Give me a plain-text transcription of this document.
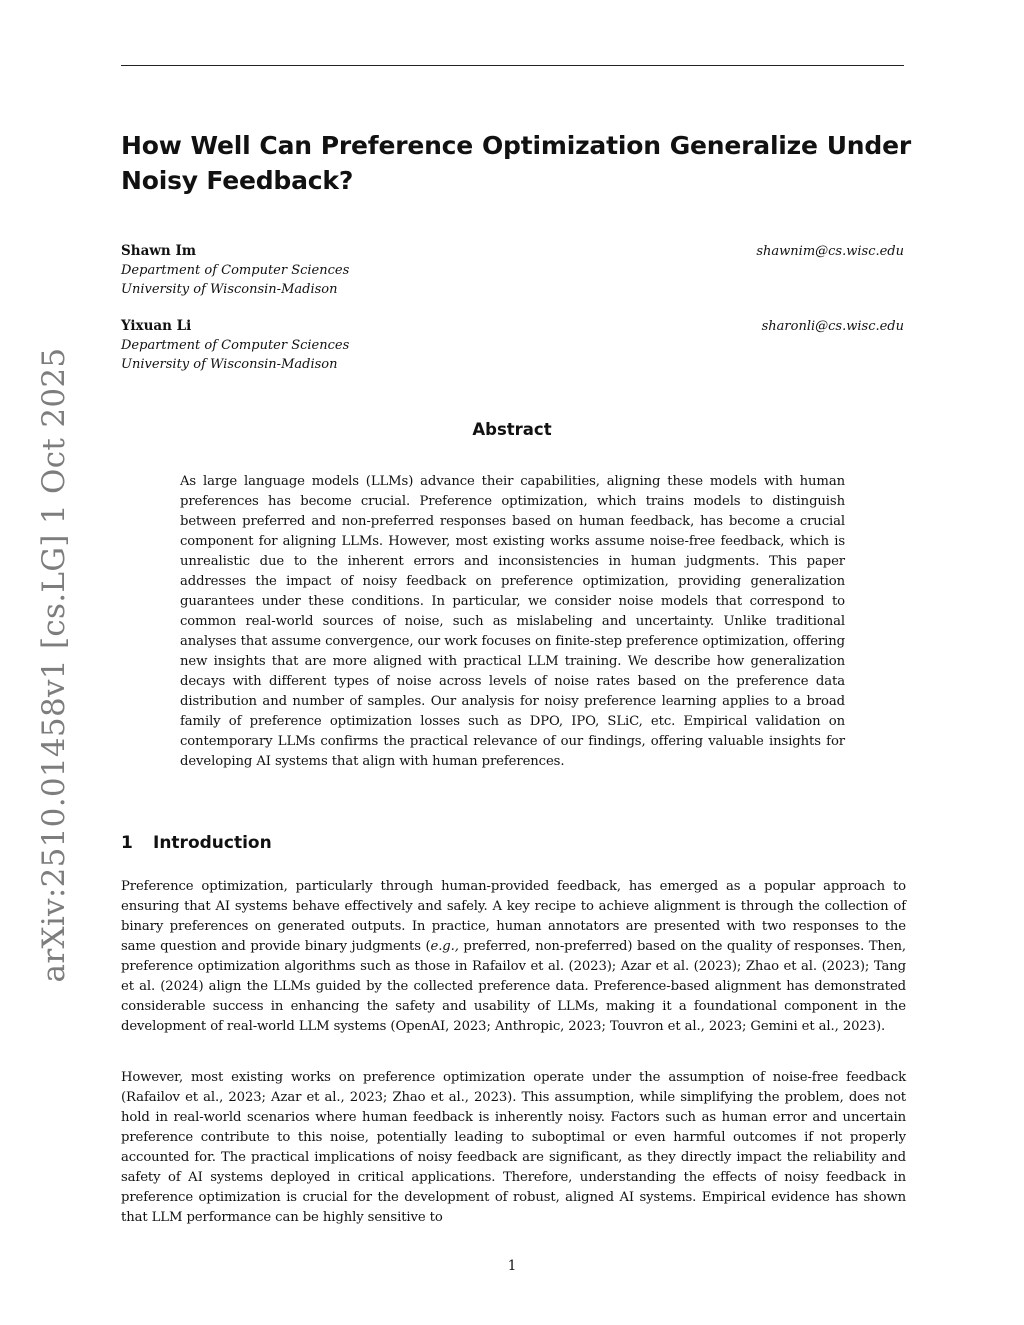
arXiv:2510.01458v1 [cs.LG] 1 Oct 2025
How Well Can Preference Optimization Generalize Under Noisy Feedback?
Shawn Im	shawnim@cs.wisc.edu
Department of Computer Sciences
University of Wisconsin-Madison
Yixuan Li	sharonli@cs.wisc.edu
Department of Computer Sciences
University of Wisconsin-Madison
Abstract

As large language models (LLMs) advance their capabilities, aligning these models with human preferences has become crucial. Preference optimization, which trains models to distinguish between preferred and non-preferred responses based on human feedback, has become a crucial component for aligning LLMs. However, most existing works assume noise-free feedback, which is unrealistic due to the inherent errors and inconsistencies in human judgments. This paper addresses the impact of noisy feedback on preference optimization, providing generalization guarantees under these conditions. In particular, we consider noise models that correspond to common real-world sources of noise, such as mislabeling and uncertainty. Unlike traditional analyses that assume convergence, our work focuses on finite-step preference optimization, offering new insights that are more aligned with practical LLM training. We describe how generalization decays with different types of noise across levels of noise rates based on the preference data distribution and number of samples. Our analysis for noisy preference learning applies to a broad family of preference optimization losses such as DPO, IPO, SLiC, etc. Empirical validation on contemporary LLMs confirms the practical relevance of our findings, offering valuable insights for developing AI systems that align with human preferences.

1 Introduction

Preference optimization, particularly through human-provided feedback, has emerged as a popular approach to ensuring that AI systems behave effectively and safely. A key recipe to achieve alignment is through the collection of binary preferences on generated outputs. In practice, human annotators are presented with two responses to the same question and provide binary judgments (e.g., preferred, non-preferred) based on the quality of responses. Then, preference optimization algorithms such as those in Rafailov et al. (2023); Azar et al. (2023); Zhao et al. (2023); Tang et al. (2024) align the LLMs guided by the collected preference data. Preference-based alignment has demonstrated considerable success in enhancing the safety and usability of LLMs, making it a foundational component in the development of real-world LLM systems (OpenAI, 2023; Anthropic, 2023; Touvron et al., 2023; Gemini et al., 2023).

However, most existing works on preference optimization operate under the assumption of noise-free feedback (Rafailov et al., 2023; Azar et al., 2023; Zhao et al., 2023). This assumption, while simplifying the problem, does not hold in real-world scenarios where human feedback is inherently noisy. Factors such as human error and uncertain preference contribute to this noise, potentially leading to suboptimal or even harmful outcomes if not properly accounted for. The practical implications of noisy feedback are significant, as they directly impact the reliability and safety of AI systems deployed in critical applications. Therefore, understanding the effects of noisy feedback in preference optimization is crucial for the development of robust, aligned AI systems. Empirical evidence has shown that LLM performance can be highly sensitive to

1
